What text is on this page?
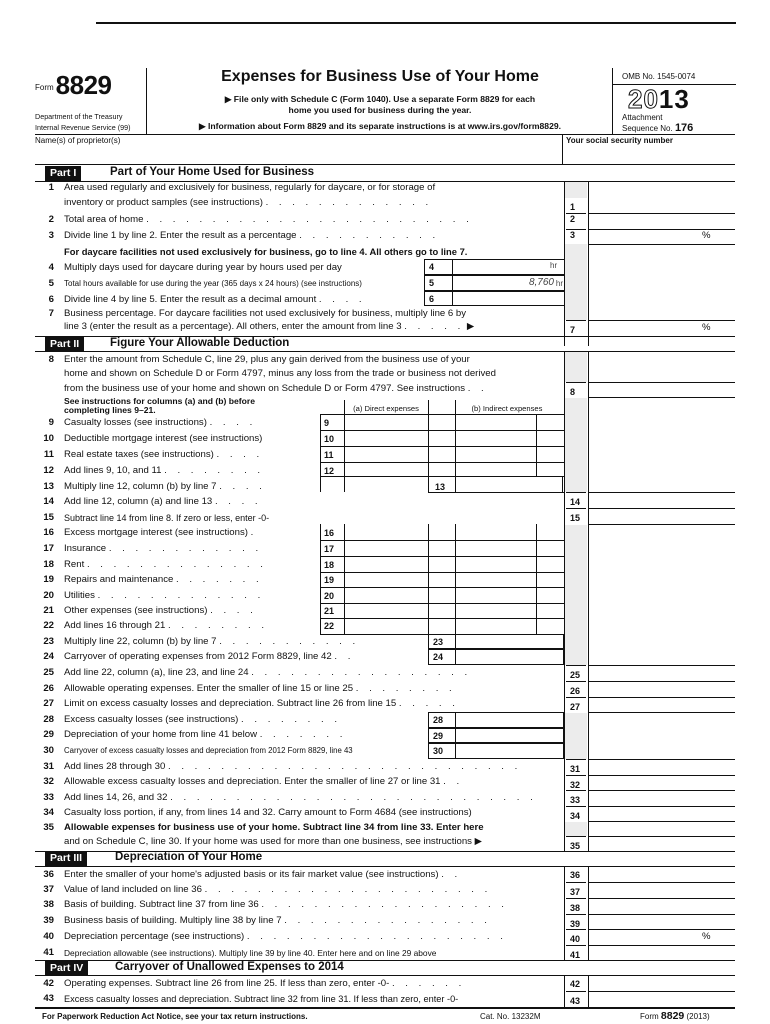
Form8829
Department of the Treasury
Internal Revenue Service (99)
Expenses for Business Use of Your Home
▶ File only with Schedule C (Form 1040). Use a separate Form 8829 for each
home you used for business during the year.
▶ Information about Form 8829 and its separate instructions is at www.irs.gov/form8829.
OMB No. 1545-0074
2013
Attachment
Sequence No. 176
Name(s) of proprietor(s)	Your social security number
Part I	Part of Your Home Used for Business
1 Area used regularly and exclusively for business, regularly for daycare, or for storage of
inventory or product samples (see instructions) . . . . . . . . . . . . .	1
2 Total area of home . . . . . . . . . . . . . . . . . . . . . . . . .	2
3 Divide line 1 by line 2. Enter the result as a percentage . . . . . . . . . . .	3	%
For daycare facilities not used exclusively for business, go to line 4. All others go to line 7.
4 Multiply days used for daycare during year by hours used per day	4	hr
5 Total hours available for use during the year (365 days x 24 hours) (see instructions)	5	8,760 hr
6 Divide line 4 by line 5. Enter the result as a decimal amount . . . .	6
7 Business percentage. For daycare facilities not used exclusively for business, multiply line 6 by
line 3 (enter the result as a percentage). All others, enter the amount from line 3 . . . . . ▶	7	%
Part II	Figure Your Allowable Deduction
8 Enter the amount from Schedule C, line 29, plus any gain derived from the business use of your
home and shown on Schedule D or Form 4797, minus any loss from the trade or business not derived
from the business use of your home and shown on Schedule D or Form 4797. See instructions . .	8
See instructions for columns (a) and (b) before
completing lines 9–21.	(a) Direct expenses	(b) Indirect expenses
9 Casualty losses (see instructions) . . . .	9
10 Deductible mortgage interest (see instructions)	10
11 Real estate taxes (see instructions) . . . .	11
12 Add lines 9, 10, and 11 . . . . . . . .	12
13 Multiply line 12, column (b) by line 7 . . . .	13
14 Add line 12, column (a) and line 13 . . . .	14
15 Subtract line 14 from line 8. If zero or less, enter -0-	15
16 Excess mortgage interest (see instructions) .	16
17 Insurance . . . . . . . . . . . .	17
18 Rent . . . . . . . . . . . . . .	18
19 Repairs and maintenance . . . . . . .	19
20 Utilities . . . . . . . . . . . . .	20
21 Other expenses (see instructions) . . . .	21
22 Add lines 16 through 21 . . . . . . . .	22
23 Multiply line 22, column (b) by line 7 . . . . . . . . . . .	23
24 Carryover of operating expenses from 2012 Form 8829, line 42 . .	24
25 Add line 22, column (a), line 23, and line 24 . . . . . . . . . . . . . . . . .	25
26 Allowable operating expenses. Enter the smaller of line 15 or line 25 . . . . . . . .	26
27 Limit on excess casualty losses and depreciation. Subtract line 26 from line 15 . . . . .	27
28 Excess casualty losses (see instructions) . . . . . . . .	28
29 Depreciation of your home from line 41 below . . . . . . .	29
30 Carryover of excess casualty losses and depreciation from 2012 Form 8829, line 43	30
31 Add lines 28 through 30 . . . . . . . . . . . . . . . . . . . . . . . . . . .	31
32 Allowable excess casualty losses and depreciation. Enter the smaller of line 27 or line 31 . .	32
33 Add lines 14, 26, and 32 . . . . . . . . . . . . . . . . . . . . . . . . . . . .	33
34 Casualty loss portion, if any, from lines 14 and 32. Carry amount to Form 4684 (see instructions)	34
35 Allowable expenses for business use of your home. Subtract line 34 from line 33. Enter here
and on Schedule C, line 30. If your home was used for more than one business, see instructions ▶	35
Part III	Depreciation of Your Home
36 Enter the smaller of your home's adjusted basis or its fair market value (see instructions) . .	36
37 Value of land included on line 36 . . . . . . . . . . . . . . . . . . . . . .	37
38 Basis of building. Subtract line 37 from line 36 . . . . . . . . . . . . . . . . . . .	38
39 Business basis of building. Multiply line 38 by line 7 . . . . . . . . . . . . . . . .	39
40 Depreciation percentage (see instructions) . . . . . . . . . . . . . . . . . . . .	40	%
41 Depreciation allowable (see instructions). Multiply line 39 by line 40. Enter here and on line 29 above	41
Part IV	Carryover of Unallowed Expenses to 2014
42 Operating expenses. Subtract line 26 from line 25. If less than zero, enter -0- . . . . . .	42
43 Excess casualty losses and depreciation. Subtract line 32 from line 31. If less than zero, enter -0-	43
For Paperwork Reduction Act Notice, see your tax return instructions.	Cat. No. 13232M	Form 8829 (2013)
